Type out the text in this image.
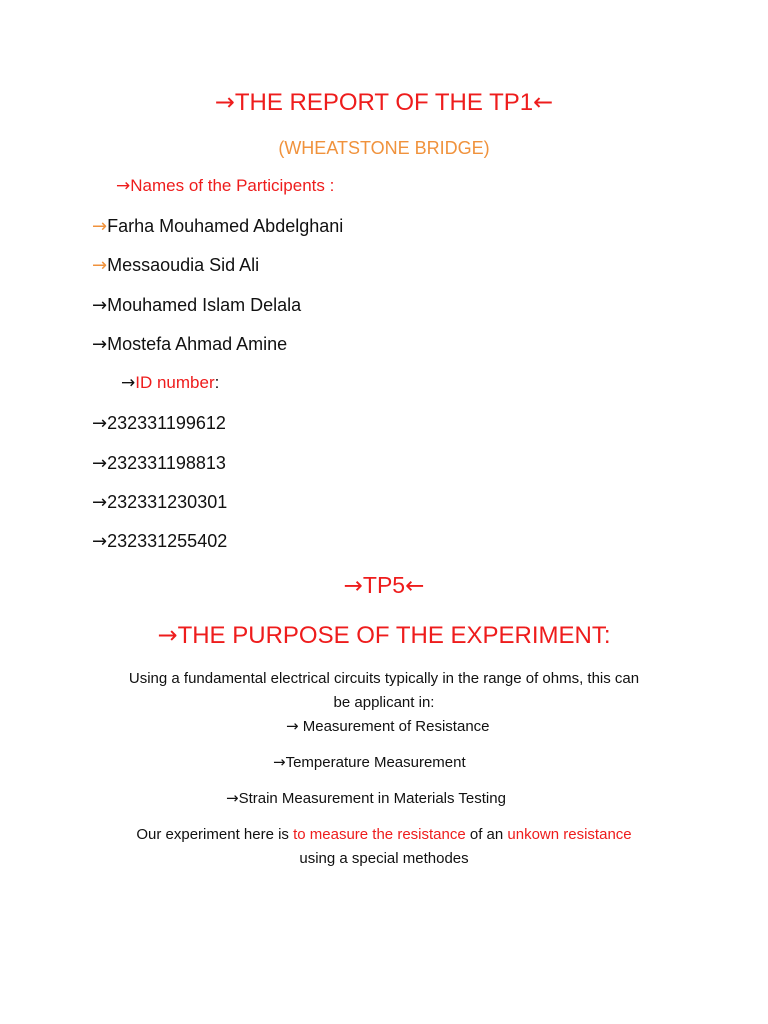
→THE REPORT OF THE TP1←
(WHEATSTONE BRIDGE)
→Names of the Participents :
→Farha Mouhamed Abdelghani
→Messaoudia Sid Ali
→Mouhamed Islam Delala
→Mostefa Ahmad Amine
→ID number:
→232331199612
→232331198813
→232331230301
→232331255402
→TP5←
→THE PURPOSE OF THE EXPERIMENT:
Using a fundamental electrical circuits typically in the range of ohms, this can
be applicant in:
→ Measurement of Resistance
→Temperature Measurement
→Strain Measurement in Materials Testing
Our experiment here is to measure the resistance of an unkown resistance
using a special methodes
